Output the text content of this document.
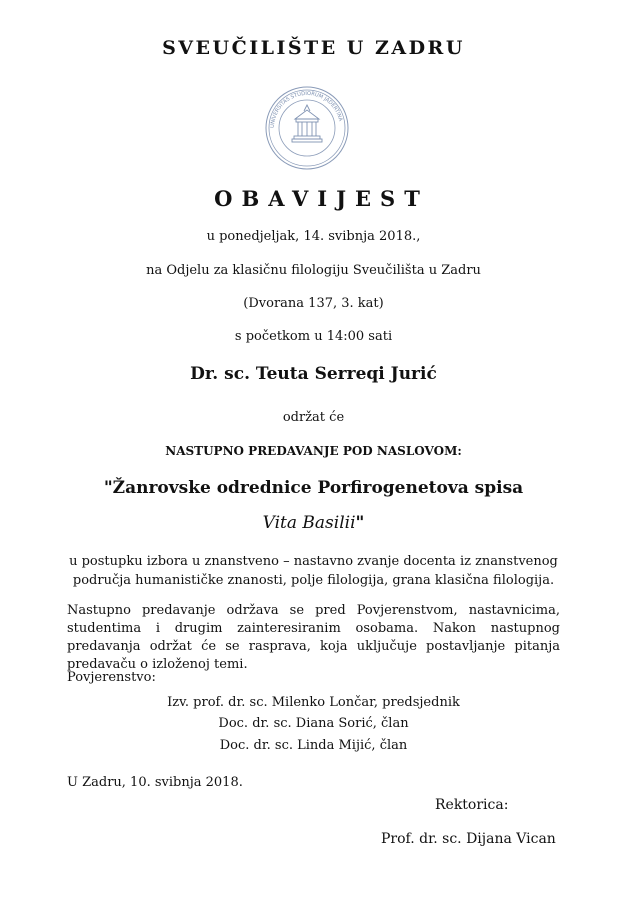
SVEUČILIŠTE U ZADRU
UNIVERSITAS STUDIORUM JADERTINA
OBAVIJEST
u ponedjeljak, 14. svibnja 2018.,
na Odjelu za klasičnu filologiju Sveučilišta u Zadru
(Dvorana 137, 3. kat)
s početkom u 14:00 sati
Dr. sc. Teuta Serreqi Jurić
održat će
NASTUPNO PREDAVANJE POD NASLOVOM:
"Žanrovske odrednice Porfirogenetova spisa
Vita Basilii"
u postupku izbora u znanstveno – nastavno zvanje docenta iz znanstvenog
područja humanističke znanosti, polje filologija, grana klasična filologija.
Nastupno predavanje održava se pred Povjerenstvom, nastavnicima, studentima i drugim zainteresiranim osobama. Nakon nastupnog predavanja održat će se rasprava, koja uključuje postavljanje pitanja predavaču o izloženoj temi.
Povjerenstvo:
Izv. prof. dr. sc. Milenko Lončar, predsjednik
Doc. dr. sc. Diana Sorić, član
Doc. dr. sc. Linda Mijić, član
U Zadru, 10. svibnja 2018.
Rektorica:
Prof. dr. sc. Dijana Vican
